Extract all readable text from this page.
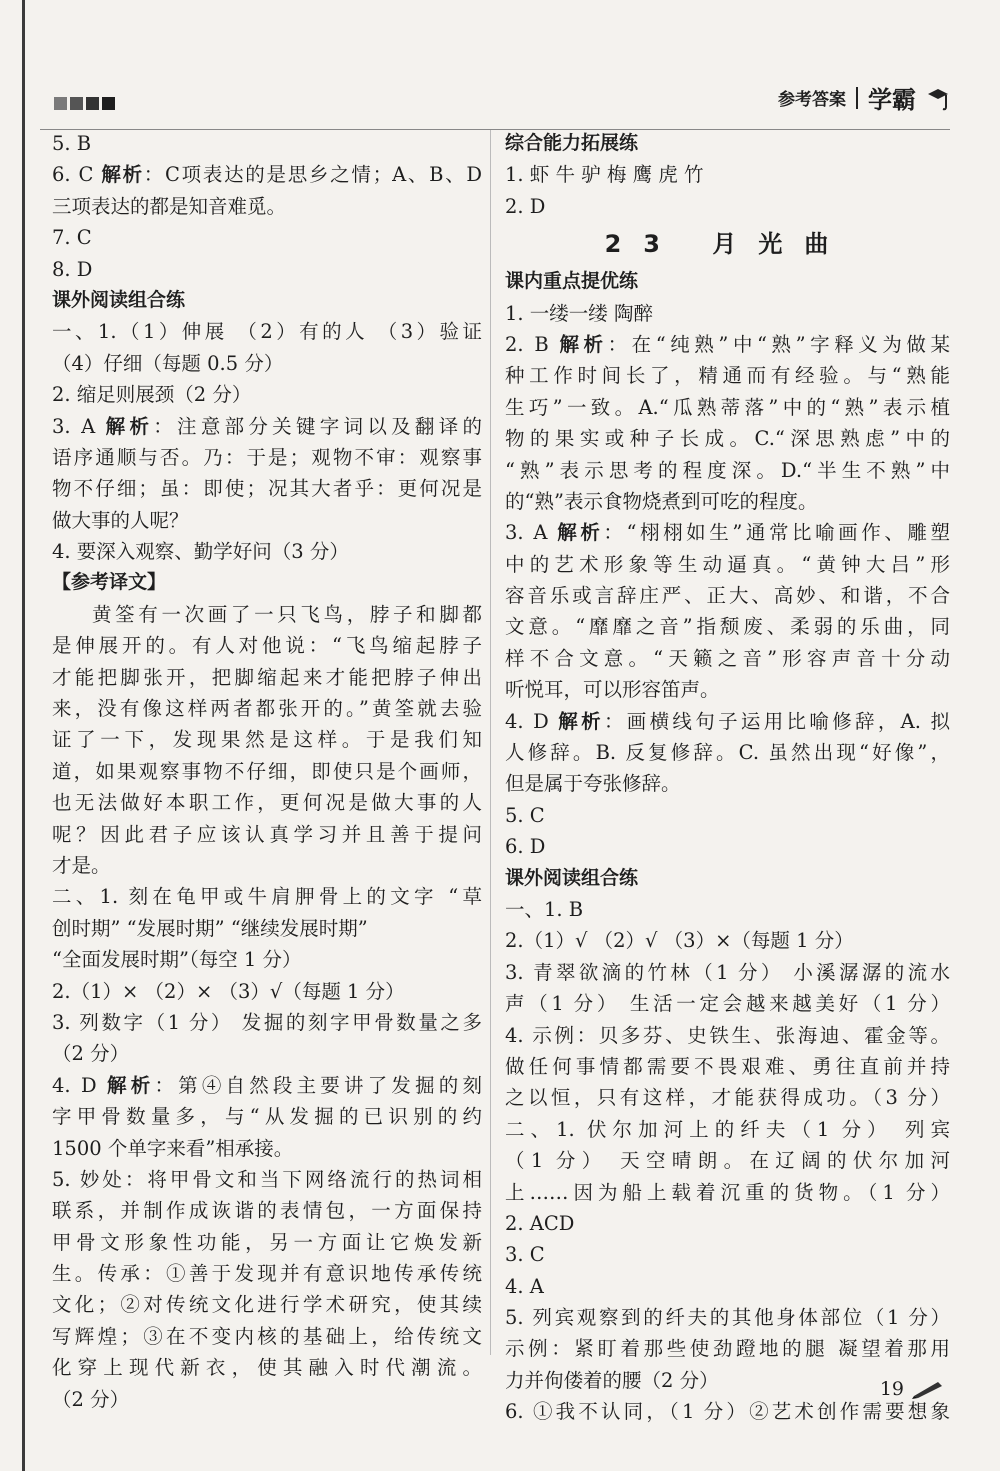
参考答案 学霸
5. B
6. C 解析：C项表达的是思乡之情；A、B、D
三项表达的都是知音难觅。
7. C
8. D
课外阅读组合练
一、1.（1）伸展 （2）有的人 （3）验证
（4）仔细（每题 0.5 分）
2. 缩足则展颈（2 分）
3. A 解析：注意部分关键字词以及翻译的
语序通顺与否。乃：于是；观物不审：观察事
物不仔细；虽：即使；况其大者乎：更何况是
做大事的人呢？
4. 要深入观察、勤学好问（3 分）
【参考译文】
黄筌有一次画了一只飞鸟，脖子和脚都
是伸展开的。有人对他说：“飞鸟缩起脖子
才能把脚张开，把脚缩起来才能把脖子伸出
来，没有像这样两者都张开的。”黄筌就去验
证了一下，发现果然是这样。于是我们知
道，如果观察事物不仔细，即使只是个画师，
也无法做好本职工作，更何况是做大事的人
呢？因此君子应该认真学习并且善于提问
才是。
二、1. 刻在龟甲或牛肩胛骨上的文字 “草
创时期” “发展时期” “继续发展时期”
“全面发展时期”（每空 1 分）
2.（1）× （2）× （3）√（每题 1 分）
3. 列数字（1 分） 发掘的刻字甲骨数量之多
（2 分）
4. D 解析：第④自然段主要讲了发掘的刻
字甲骨数量多，与“从发掘的已识别的约
1500 个单字来看”相承接。
5. 妙处：将甲骨文和当下网络流行的热词相
联系，并制作成诙谐的表情包，一方面保持
甲骨文形象性功能，另一方面让它焕发新
生。传承：①善于发现并有意识地传承传统
文化；②对传统文化进行学术研究，使其续
写辉煌；③在不变内核的基础上，给传统文
化穿上现代新衣，使其融入时代潮流。
（2 分）
综合能力拓展练
1. 虾 牛 驴 梅 鹰 虎 竹
2. D
23 月光曲
课内重点提优练
1. 一缕一缕 陶醉
2. B 解析：在“纯熟”中“熟”字释义为做某
种工作时间长了，精通而有经验。与“熟能
生巧”一致。A.“瓜熟蒂落”中的“熟”表示植
物的果实或种子长成。C.“深思熟虑”中的
“熟”表示思考的程度深。D.“半生不熟”中
的“熟”表示食物烧煮到可吃的程度。
3. A 解析：“栩栩如生”通常比喻画作、雕塑
中的艺术形象等生动逼真。“黄钟大吕”形
容音乐或言辞庄严、正大、高妙、和谐，不合
文意。“靡靡之音”指颓废、柔弱的乐曲，同
样不合文意。“天籁之音”形容声音十分动
听悦耳，可以形容笛声。
4. D 解析：画横线句子运用比喻修辞，A. 拟
人修辞。B. 反复修辞。C. 虽然出现“好像”，
但是属于夸张修辞。
5. C
6. D
课外阅读组合练
一、1. B
2.（1）√ （2）√ （3）×（每题 1 分）
3. 青翠欲滴的竹林（1 分） 小溪潺潺的流水
声（1 分） 生活一定会越来越美好（1 分）
4. 示例：贝多芬、史铁生、张海迪、霍金等。
做任何事情都需要不畏艰难、勇往直前并持
之以恒，只有这样，才能获得成功。（3 分）
二、1. 伏尔加河上的纤夫（1 分） 列宾
（1 分） 天空晴朗。在辽阔的伏尔加河
上……因为船上载着沉重的货物。（1 分）
2. ACD
3. C
4. A
5. 列宾观察到的纤夫的其他身体部位（1 分）
示例：紧盯着那些使劲蹬地的腿 凝望着那用
力并佝偻着的腰（2 分）
6. ①我不认同，（1 分）②艺术创作需要想象
19
